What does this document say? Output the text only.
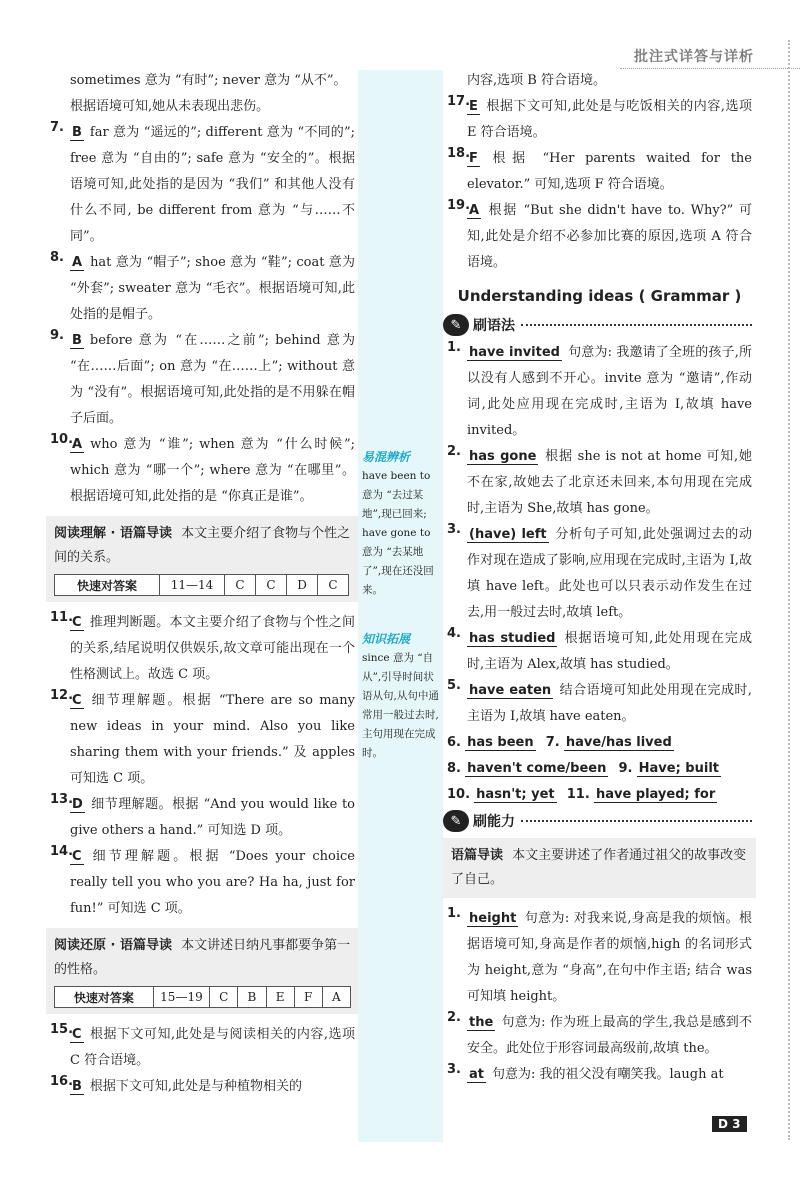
批注式详答与详析

sometimes 意为 “有时”; never 意为 “从不”。

根据语境可知,她从未表现出悲伤。

7. B far 意为 “遥远的”; different 意为 “不同的”; free 意为 “自由的”; safe 意为 “安全的”。根据语境可知,此处指的是因为 “我们” 和其他人没有什么不同, be different from 意为 “与……不同”。

8. A hat 意为 “帽子”; shoe 意为 “鞋”; coat 意为 “外套”; sweater 意为 “毛衣”。根据语境可知,此处指的是帽子。

9. B before 意为 “在……之前”; behind 意为 “在……后面”; on 意为 “在……上”; without 意为 “没有”。根据语境可知,此处指的是不用躲在帽子后面。

10.

A who 意为 “谁”; when 意为 “什么时候”; which 意为 “哪一个”; where 意为 “在哪里”。根据语境可知,此处指的是 “你真正是谁”。

阅读理解 · 语篇导读 本文主要介绍了食物与个性之间的关系。
快速对答案	11—14	C	C	D	C
11.

C 推理判断题。本文主要介绍了食物与个性之间的关系,结尾说明仅供娱乐,故文章可能出现在一个性格测试上。故选 C 项。

12.

C 细节理解题。根据 “There are so many new ideas in your mind. Also you like sharing them with your friends.” 及 apples 可知选 C 项。

13.

D 细节理解题。根据 “And you would like to give others a hand.” 可知选 D 项。

14.

C 细节理解题。根据 “Does your choice really tell you who you are? Ha ha, just for fun!” 可知选 C 项。

阅读还原 · 语篇导读 本文讲述日纳凡事都要争第一的性格。
快速对答案	15—19	C	B	E	F	A
15.

C 根据下文可知,此处是与阅读相关的内容,选项 C 符合语境。

16.

B 根据下文可知,此处是与种植物相关的

易混辨析
have been to 意为 “去过某地”,现已回来; have gone to 意为 “去某地了”,现在还没回来。
知识拓展
since 意为 “自从”,引导时间状语从句,从句中通常用一般过去时,主句用现在完成时。

内容,选项 B 符合语境。

17.

E 根据下文可知,此处是与吃饭相关的内容,选项 E 符合语境。

18.

F 根据 “Her parents waited for the elevator.” 可知,选项 F 符合语境。

19.

A 根据 “But she didn't have to. Why?” 可知,此处是介绍不必参加比赛的原因,选项 A 符合语境。

Understanding ideas ( Grammar )
✎ 刷语法
1. have invited 句意为: 我邀请了全班的孩子,所以没有人感到不开心。invite 意为 “邀请”,作动词,此处应用现在完成时,主语为 I,故填 have invited。

2. has gone 根据 she is not at home 可知,她不在家,故她去了北京还未回来,本句用现在完成时,主语为 She,故填 has gone。

3. (have) left 分析句子可知,此处强调过去的动作对现在造成了影响,应用现在完成时,主语为 I,故填 have left。此处也可以只表示动作发生在过去,用一般过去时,故填 left。

4. has studied 根据语境可知,此处用现在完成时,主语为 Alex,故填 has studied。

5. have eaten 结合语境可知此处用现在完成时,主语为 I,故填 have eaten。

6. has been 7. have/has lived

8. haven't come/been 9. Have; built

10. hasn't; yet 11. have played; for

✎ 刷能力
语篇导读 本文主要讲述了作者通过祖父的故事改变了自己。
1. height 句意为: 对我来说,身高是我的烦恼。根据语境可知,身高是作者的烦恼,high 的名词形式为 height,意为 “身高”,在句中作主语; 结合 was 可知填 height。

2. the 句意为: 作为班上最高的学生,我总是感到不安全。此处位于形容词最高级前,故填 the。

3. at 句意为: 我的祖父没有嘲笑我。laugh at

D 3
